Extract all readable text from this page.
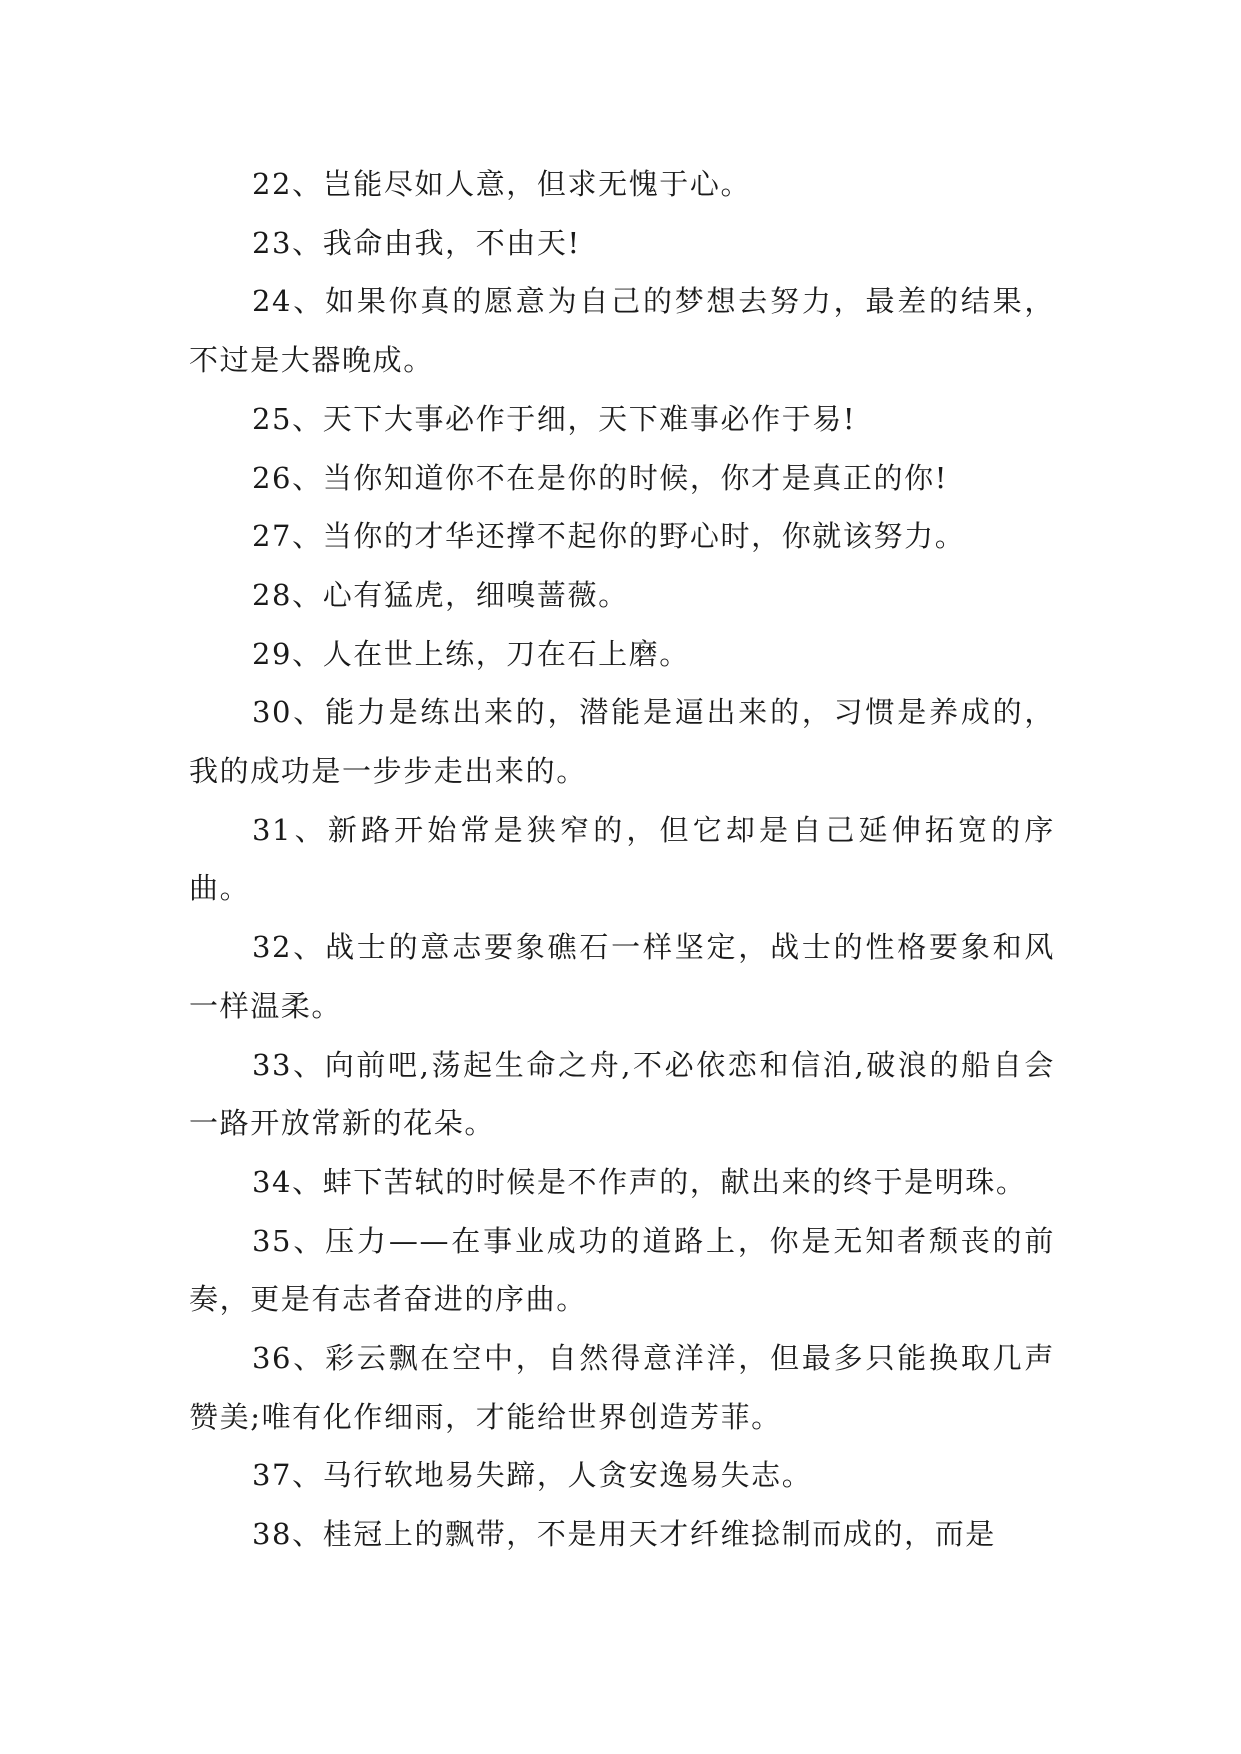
22、岂能尽如人意，但求无愧于心。

23、我命由我，不由天!

24、如果你真的愿意为自己的梦想去努力，最差的结果，不过是大器晚成。

25、天下大事必作于细，天下难事必作于易!

26、当你知道你不在是你的时候，你才是真正的你!

27、当你的才华还撑不起你的野心时，你就该努力。

28、心有猛虎，细嗅蔷薇。

29、人在世上练，刀在石上磨。

30、能力是练出来的，潜能是逼出来的，习惯是养成的，我的成功是一步步走出来的。

31、新路开始常是狭窄的，但它却是自己延伸拓宽的序曲。

32、战士的意志要象礁石一样坚定，战士的性格要象和风一样温柔。

33、向前吧,荡起生命之舟,不必依恋和信泊,破浪的船自会一路开放常新的花朵。

34、蚌下苦轼的时候是不作声的，献出来的终于是明珠。

35、压力——在事业成功的道路上，你是无知者颓丧的前奏，更是有志者奋进的序曲。

36、彩云飘在空中，自然得意洋洋，但最多只能换取几声赞美;唯有化作细雨，才能给世界创造芳菲。

37、马行软地易失蹄，人贪安逸易失志。

38、桂冠上的飘带，不是用天才纤维捻制而成的，而是
